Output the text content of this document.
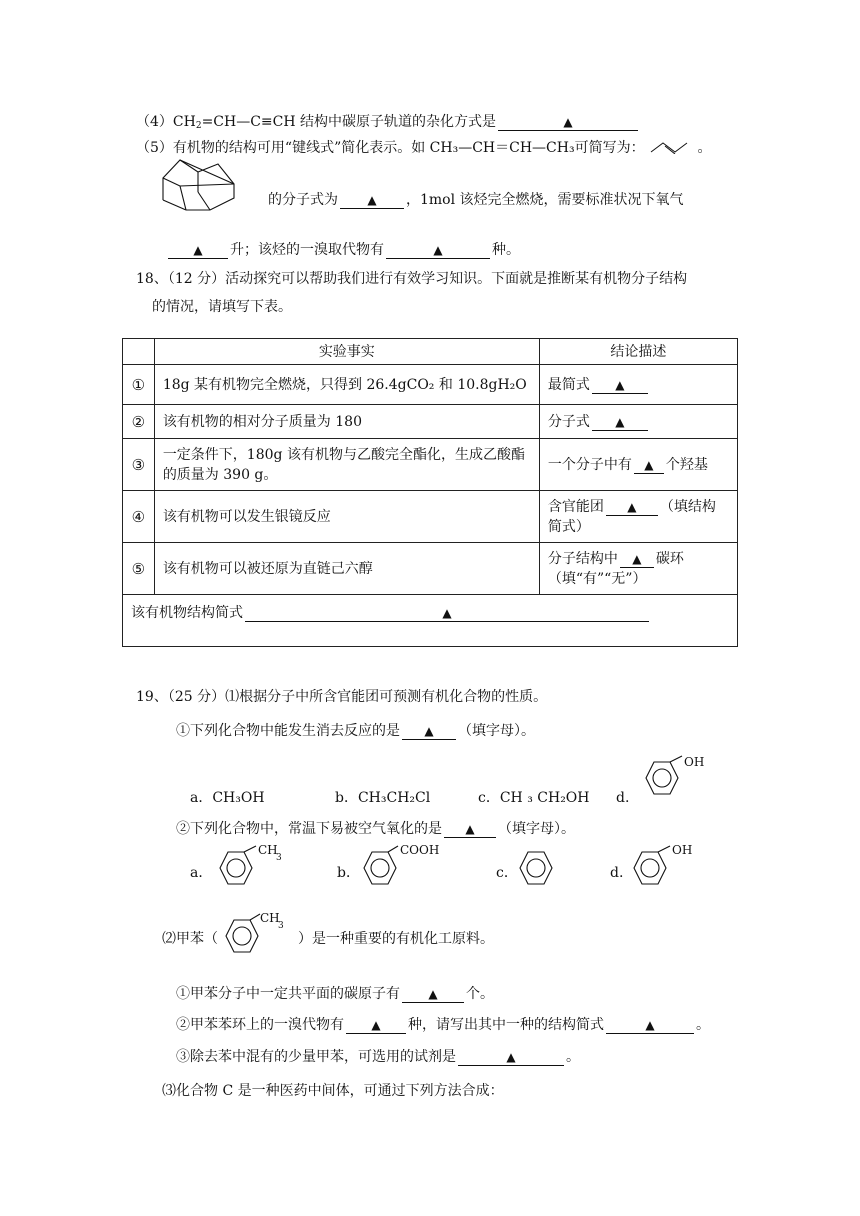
$(4)CH_2=CH—C\equiv CH$ 结构中碳原子轨道的杂化方式是	▲
（5）有机物的结构可用“键线式”简化表示。如 CH₃—CH＝CH—CH₃可简写为：	。
的分子式为 ▲ ，1mol 该烃完全燃烧，需要标准状况下氧气
▲ 升；该烃的一溴取代物有	▲	种。
18、（12 分）活动探究可以帮助我们进行有效学习知识。下面就是推断某有机物分子结构
的情况，请填写下表。
	实验事实	结论描述
①	18g 某有机物完全燃烧，只得到 26.4gCO₂ 和 10.8gH₂O	最简式 ▲
②	该有机物的相对分子质量为 180	分子式 ▲
③	一定条件下，180g 该有机物与乙酸完全酯化，生成乙酸酯的质量为 390 g。	一个分子中有 ▲ 个羟基
④	该有机物可以发生银镜反应	含官能团 ▲ （填结构简式）
⑤	该有机物可以被还原为直链己六醇	分子结构中 ▲ 碳环（填“有”“无”）
该有机物结构简式 ▲		
19、（25 分）⑴根据分子中所含官能团可预测有机化合物的性质。
①下列化合物中能发生消去反应的是 ▲ （填字母）。
a．CH₃OH	b．CH₃CH₂Cl	c．CH ₃ CH₂OH d.
OH
②下列化合物中，常温下易被空气氧化的是 ▲ （填字母）。
a．	b．	c．	d.
CH
3
COOH	OH
⑵甲苯（
CH
3
）是一种重要的有机化工原料。
①甲苯分子中一定共平面的碳原子有 ▲ 个。
②甲苯苯环上的一溴代物有 ▲ 种，请写出其中一种的结构简式	▲	。
③除去苯中混有的少量甲苯，可选用的试剂是	▲	。
⑶化合物 C 是一种医药中间体，可通过下列方法合成：
